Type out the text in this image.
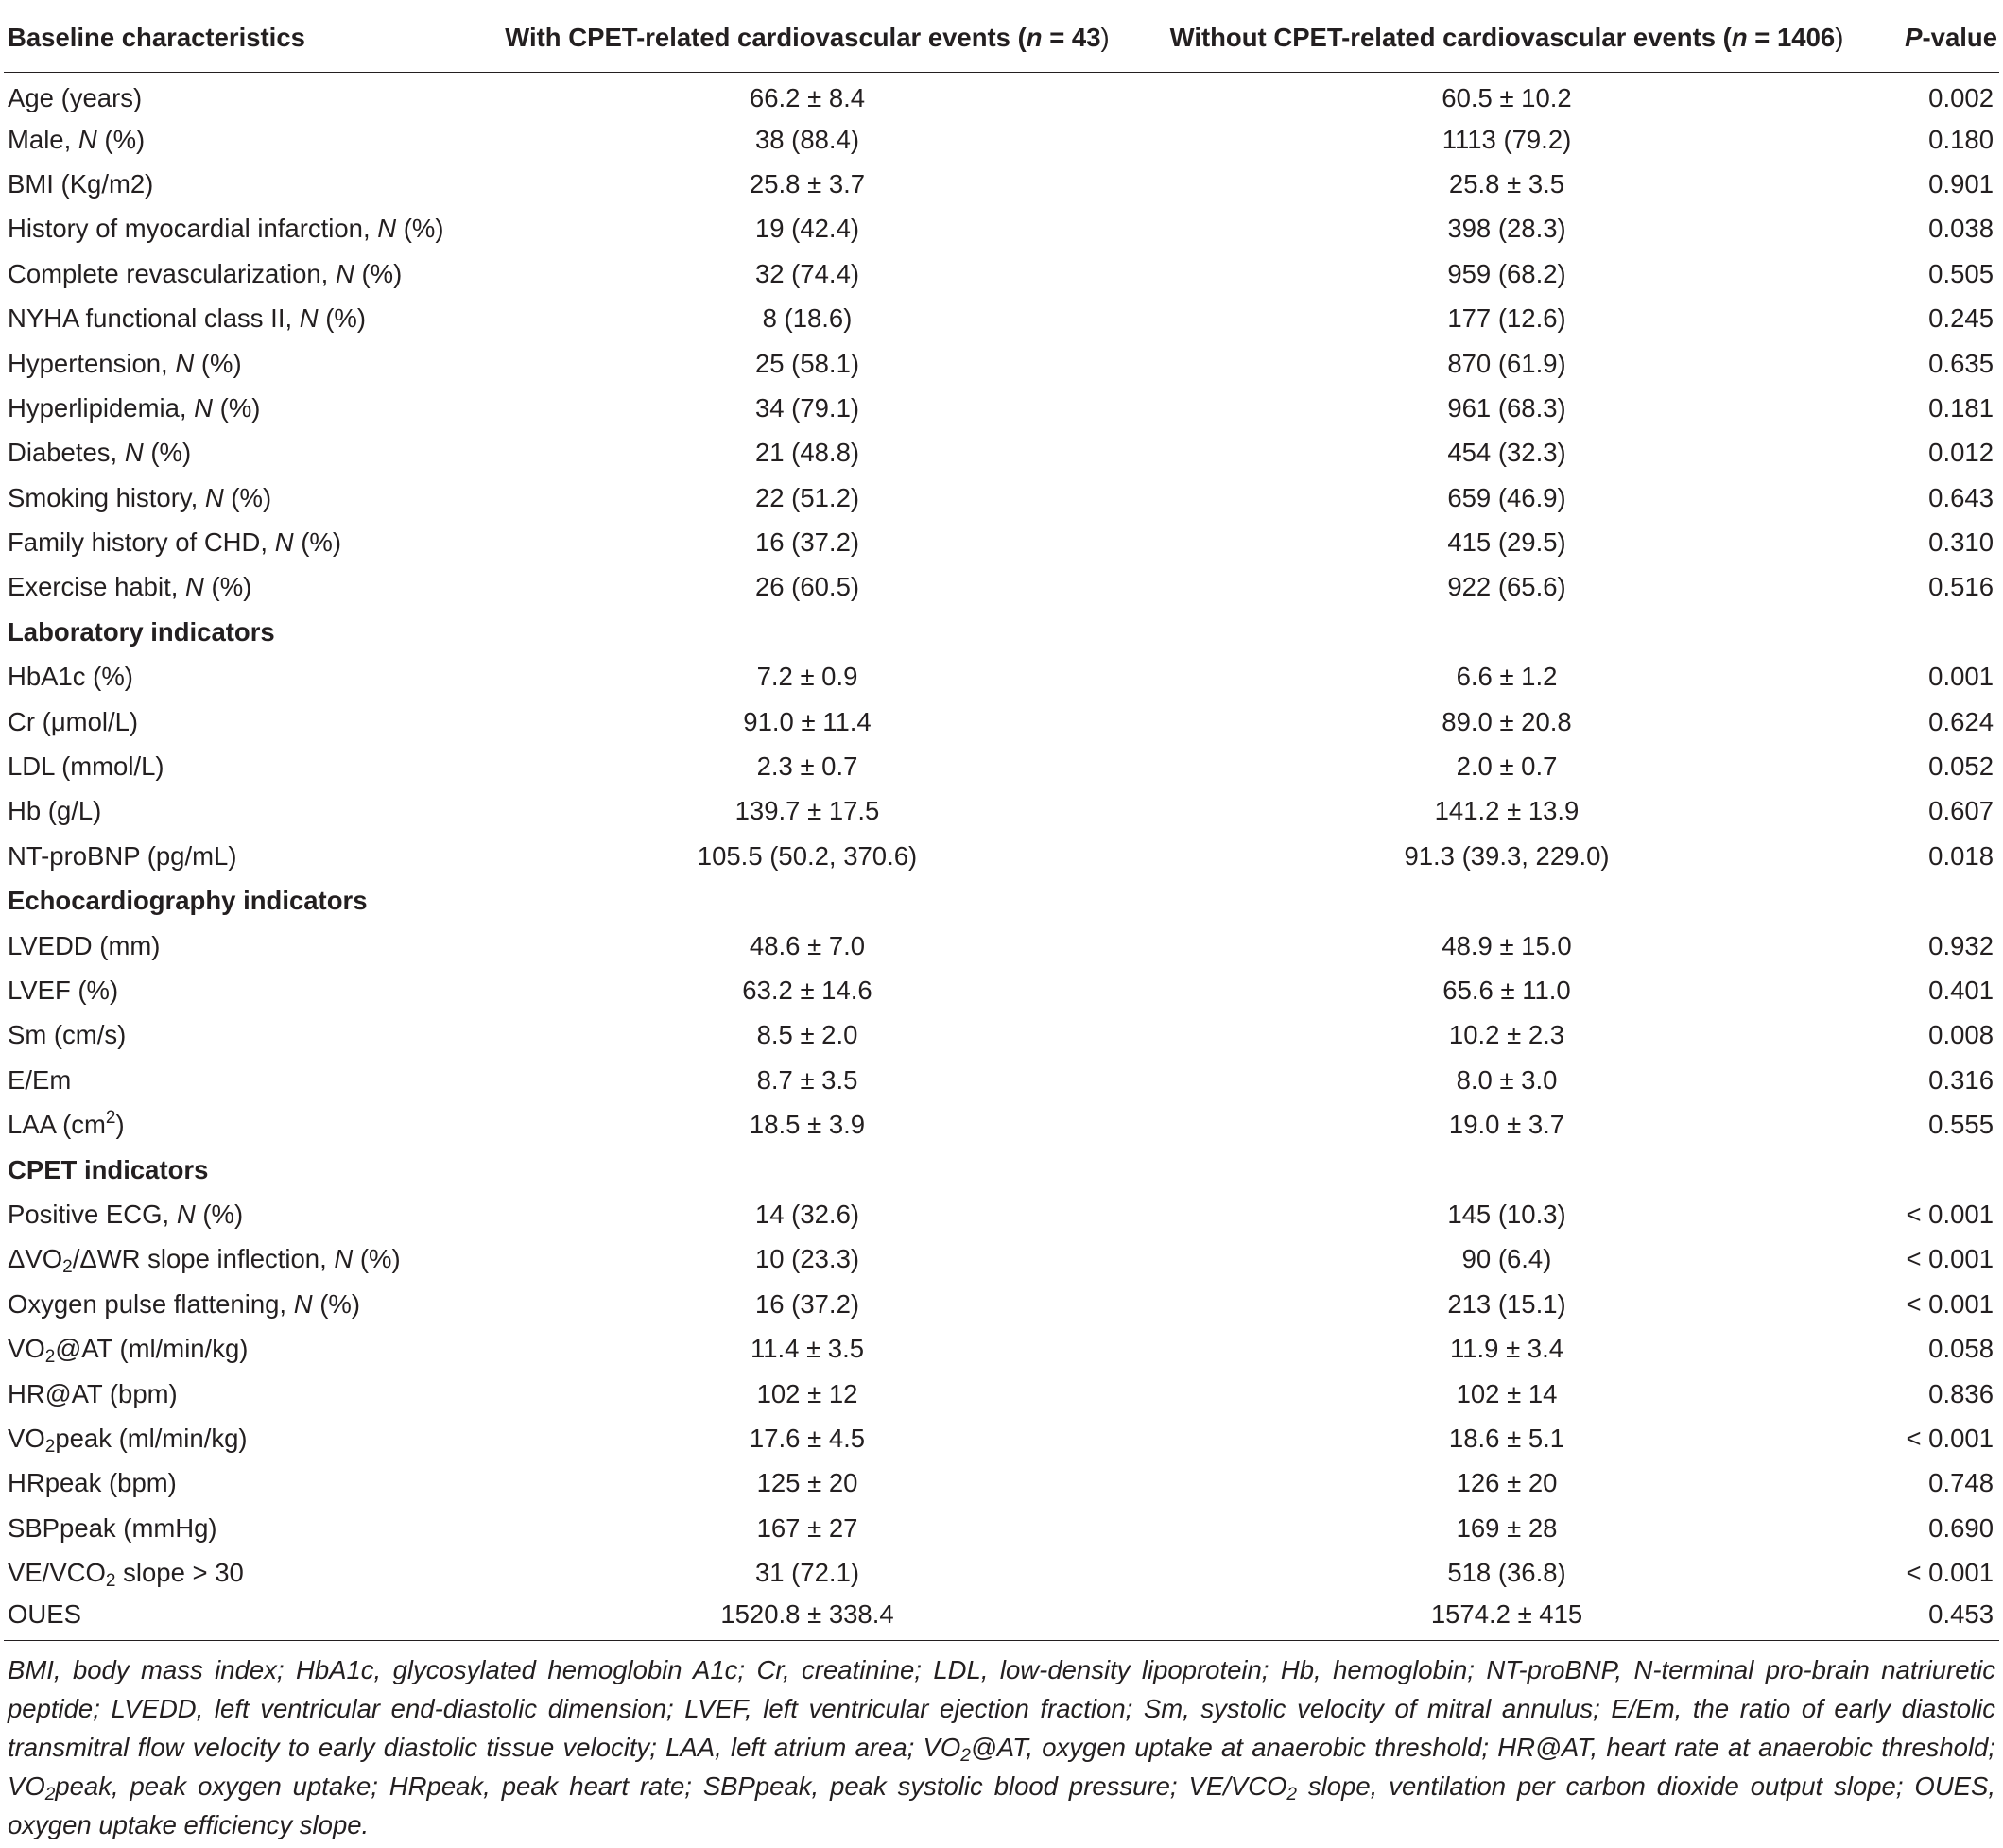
Baseline characteristics	With CPET-related cardiovascular events (n = 43)	Without CPET-related cardiovascular events (n = 1406)	P-value
Age (years)	66.2 ± 8.4	60.5 ± 10.2	0.002
Male, N (%)	38 (88.4)	1113 (79.2)	0.180
BMI (Kg/m2)	25.8 ± 3.7	25.8 ± 3.5	0.901
History of myocardial infarction, N (%)	19 (42.4)	398 (28.3)	0.038
Complete revascularization, N (%)	32 (74.4)	959 (68.2)	0.505
NYHA functional class II, N (%)	8 (18.6)	177 (12.6)	0.245
Hypertension, N (%)	25 (58.1)	870 (61.9)	0.635
Hyperlipidemia, N (%)	34 (79.1)	961 (68.3)	0.181
Diabetes, N (%)	21 (48.8)	454 (32.3)	0.012
Smoking history, N (%)	22 (51.2)	659 (46.9)	0.643
Family history of CHD, N (%)	16 (37.2)	415 (29.5)	0.310
Exercise habit, N (%)	26 (60.5)	922 (65.6)	0.516
Laboratory indicators			
HbA1c (%)	7.2 ± 0.9	6.6 ± 1.2	0.001
Cr (μmol/L)	91.0 ± 11.4	89.0 ± 20.8	0.624
LDL (mmol/L)	2.3 ± 0.7	2.0 ± 0.7	0.052
Hb (g/L)	139.7 ± 17.5	141.2 ± 13.9	0.607
NT-proBNP (pg/mL)	105.5 (50.2, 370.6)	91.3 (39.3, 229.0)	0.018
Echocardiography indicators			
LVEDD (mm)	48.6 ± 7.0	48.9 ± 15.0	0.932
LVEF (%)	63.2 ± 14.6	65.6 ± 11.0	0.401
Sm (cm/s)	8.5 ± 2.0	10.2 ± 2.3	0.008
E/Em	8.7 ± 3.5	8.0 ± 3.0	0.316
LAA $(cm^2)$	18.5 ± 3.9	19.0 ± 3.7	0.555
CPET indicators			
Positive ECG, N (%)	14 (32.6)	145 (10.3)	< 0.001
$\Delta VO_2$/ΔWR slope inflection, N (%)	10 (23.3)	90 (6.4)	< 0.001
Oxygen pulse flattening, N (%)	16 (37.2)	213 (15.1)	< 0.001
$VO_2@AT$ (ml/min/kg)	11.4 ± 3.5	11.9 ± 3.4	0.058
HR@AT (bpm)	102 ± 12	102 ± 14	0.836
$VO_2peak$ (ml/min/kg)	17.6 ± 4.5	18.6 ± 5.1	< 0.001
HRpeak (bpm)	125 ± 20	126 ± 20	0.748
SBPpeak (mmHg)	167 ± 27	169 ± 28	0.690
$VE/VCO_2$ slope > 30	31 (72.1)	518 (36.8)	< 0.001
OUES	1520.8 ± 338.4	1574.2 ± 415	0.453

BMI, body mass index; HbA1c, glycosylated hemoglobin A1c; Cr, creatinine; LDL, low-density lipoprotein; Hb, hemoglobin; NT-proBNP, N-terminal pro-brain natriuretic peptide; LVEDD, left ventricular end-diastolic dimension; LVEF, left ventricular ejection fraction; Sm, systolic velocity of mitral annulus; E/Em, the ratio of early diastolic transmitral flow velocity to early diastolic tissue velocity; LAA, left atrium area; $VO_2@AT$, oxygen uptake at anaerobic threshold; HR@AT, heart rate at anaerobic threshold; $VO_2peak$, peak oxygen uptake; HRpeak, peak heart rate; SBPpeak, peak systolic blood pressure; $VE/VCO_2$ slope, ventilation per carbon dioxide output slope; OUES, oxygen uptake efficiency slope.
